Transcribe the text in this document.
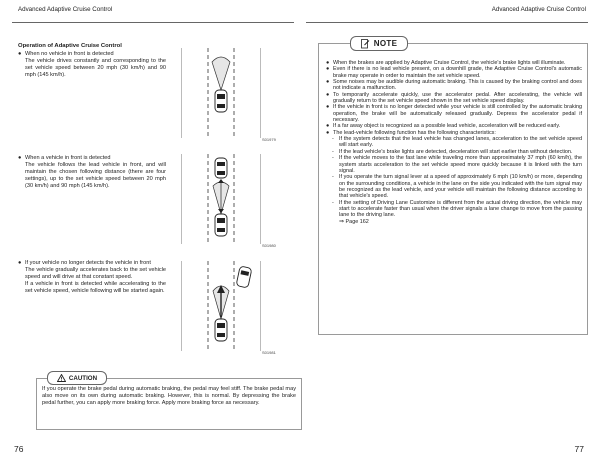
Advanced Adaptive Cruise Control	Advanced Adaptive Cruise Control
Operation of Adaptive Cruise Control
● When no vehicle in front is detected
The vehicle drives constantly and corresponding to the set vehicle speed between 20 mph (30 km/h) and 90 mph (145 km/h).
● When a vehicle in front is detected
The vehicle follows the lead vehicle in front, and will maintain the chosen following distance (there are four settings), up to the set vehicle speed between 20 mph (30 km/h) and 90 mph (145 km/h).
● If your vehicle no longer detects the vehicle in front
The vehicle gradually accelerates back to the set vehicle speed and will drive at that constant speed.
If a vehicle in front is detected while accelerating to the set vehicle speed, vehicle following will be started again.
S01979
S01980
S01981
CAUTION
If you operate the brake pedal during automatic braking, the pedal may feel stiff. The brake pedal may also move on its own during automatic braking. However, this is normal. By depressing the brake pedal further, you can apply more braking force. Apply more braking force as necessary.
NOTE
● When the brakes are applied by Adaptive Cruise Control, the vehicle's brake lights will illuminate.
● Even if there is no lead vehicle present, on a downhill grade, the Adaptive Cruise Control's automatic brake may operate in order to maintain the set vehicle speed.
● Some noises may be audible during automatic braking. This is caused by the braking control and does not indicate a malfunction.
● To temporarily accelerate quickly, use the accelerator pedal. After accelerating, the vehicle will gradually return to the set vehicle speed shown in the set vehicle speed display.
● If the vehicle in front is no longer detected while your vehicle is still controlled by the automatic braking operation, the brake will be automatically released gradually. Depress the accelerator pedal if necessary.
● If a far away object is recognized as a possible lead vehicle, acceleration will be reduced early.
● The lead-vehicle following function has the following characteristics:
- If the system detects that the lead vehicle has changed lanes, acceleration to the set vehicle speed will start early.
- If the lead vehicle's brake lights are detected, deceleration will start earlier than without detection.
- If the vehicle moves to the fast lane while traveling more than approximately 37 mph (60 km/h), the system starts acceleration to the set vehicle speed more quickly because it is linked with the turn signal.
- If you operate the turn signal lever at a speed of approximately 6 mph (10 km/h) or more, depending on the surrounding conditions, a vehicle in the lane on the side you indicated with the turn signal may be recognized as the lead vehicle, and your vehicle will maintain the following distance according to that vehicle's speed.
- If the setting of Driving Lane Customize is different from the actual driving direction, the vehicle may start to accelerate faster than usual when the driver signals a lane change to move from the passing lane to the driving lane.
⇒ Page 162
76	77
